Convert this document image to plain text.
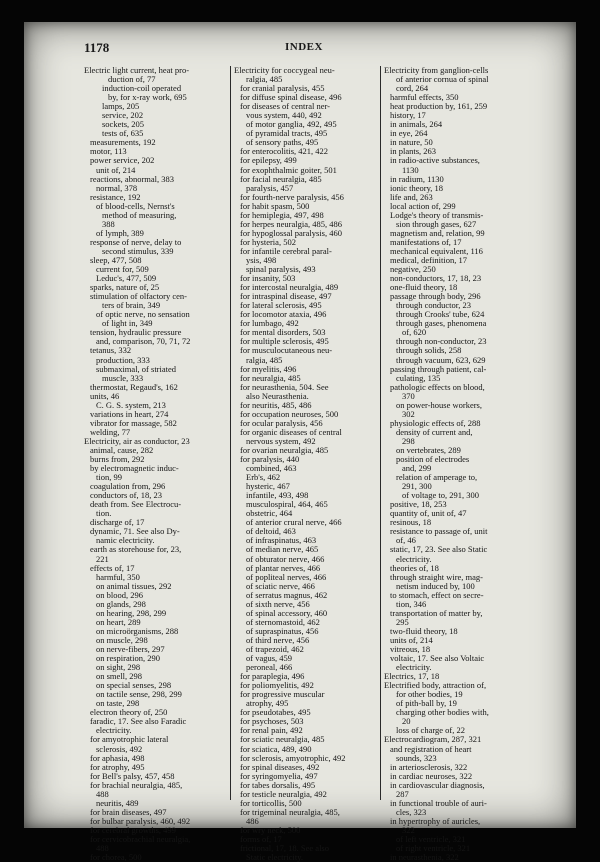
1178	INDEX
Electric light current, heat pro-
duction of, 77
induction-coil operated
by, for x-ray work, 695
lamps, 205
service, 202
sockets, 205
tests of, 635
measurements, 192
motor, 113
power service, 202
unit of, 214
reactions, abnormal, 383
normal, 378
resistance, 192
of blood-cells, Nernst's
method of measuring,
388
of lymph, 389
response of nerve, delay to
second stimulus, 339
sleep, 477, 508
current for, 509
Leduc's, 477, 509
sparks, nature of, 25
stimulation of olfactory cen-
ters of brain, 349
of optic nerve, no sensation
of light in, 349
tension, hydraulic pressure
and, comparison, 70, 71, 72
tetanus, 332
production, 333
submaximal, of striated
muscle, 333
thermostat, Regaud's, 162
units, 46
C. G. S. system, 213
variations in heart, 274
vibrator for massage, 582
welding, 77
Electricity, air as conductor, 23
animal, cause, 282
burns from, 292
by electromagnetic induc-
tion, 99
coagulation from, 296
conductors of, 18, 23
death from. See Electrocu-
tion.
discharge of, 17
dynamic, 71. See also Dy-
namic electricity.
earth as storehouse for, 23,
221
effects of, 17
harmful, 350
on animal tissues, 292
on blood, 296
on glands, 298
on hearing, 298, 299
on heart, 289
on microörganisms, 288
on muscle, 298
on nerve-fibers, 297
on respiration, 290
on sight, 298
on smell, 298
on special senses, 298
on tactile sense, 298, 299
on taste, 298
electron theory of, 250
faradic, 17. See also Faradic
electricity.
for amyotrophic lateral
sclerosis, 492
for aphasia, 498
for atrophy, 495
for Bell's palsy, 457, 458
for brachial neuralgia, 485,
488
neuritis, 489
for brain diseases, 497
for bulbar paralysis, 460, 492
for cerebral growths, 499
for cervicobrachial neuralgia,
488
for chorea, 500
Electricity for coccygeal neu-
ralgia, 485
for cranial paralysis, 455
for diffuse spinal disease, 496
for diseases of central ner-
vous system, 440, 492
of motor ganglia, 492, 495
of pyramidal tracts, 495
of sensory paths, 495
for enterocolitis, 421, 422
for epilepsy, 499
for exophthalmic goiter, 501
for facial neuralgia, 485
paralysis, 457
for fourth-nerve paralysis, 456
for habit spasm, 500
for hemiplegia, 497, 498
for herpes neuralgia, 485, 486
for hypoglossal paralysis, 460
for hysteria, 502
for infantile cerebral paral-
ysis, 498
spinal paralysis, 493
for insanity, 503
for intercostal neuralgia, 489
for intraspinal disease, 497
for lateral sclerosis, 495
for locomotor ataxia, 496
for lumbago, 492
for mental disorders, 503
for multiple sclerosis, 495
for musculocutaneous neu-
ralgia, 485
for myelitis, 496
for neuralgia, 485
for neurasthenia, 504. See
also Neurasthenia.
for neuritis, 485, 486
for occupation neuroses, 500
for ocular paralysis, 456
for organic diseases of central
nervous system, 492
for ovarian neuralgia, 485
for paralysis, 440
combined, 463
Erb's, 462
hysteric, 467
infantile, 493, 498
musculospiral, 464, 465
obstetric, 464
of anterior crural nerve, 466
of deltoid, 463
of infraspinatus, 463
of median nerve, 465
of obturator nerve, 466
of plantar nerves, 466
of popliteal nerves, 466
of sciatic nerve, 466
of serratus magnus, 462
of sixth nerve, 456
of spinal accessory, 460
of sternomastoid, 462
of supraspinatus, 456
of third nerve, 456
of trapezoid, 462
of vagus, 459
peroneal, 466
for paraplegia, 496
for poliomyelitis, 492
for progressive muscular
atrophy, 495
for pseudotabes, 495
for psychoses, 503
for renal pain, 492
for sciatic neuralgia, 485
for sciatica, 489, 490
for sclerosis, amyotrophic, 492
for spinal diseases, 492
for syringomyelia, 497
for tabes dorsalis, 495
for testicle neuralgia, 492
for torticollis, 500
for trigeminal neuralgia, 485,
486
for wry neck, 500
forms of, 17
frictional, 17, 18. See also
Static electricity.
Electricity from ganglion-cells
of anterior cornua of spinal
cord, 264
harmful effects, 350
heat production by, 161, 259
history, 17
in animals, 264
in eye, 264
in nature, 50
in plants, 263
in radio-active substances,
1130
in radium, 1130
ionic theory, 18
life and, 263
local action of, 299
Lodge's theory of transmis-
sion through gases, 627
magnetism and, relation, 99
manifestations of, 17
mechanical equivalent, 116
medical, definition, 17
negative, 250
non-conductors, 17, 18, 23
one-fluid theory, 18
passage through body, 296
through conductor, 23
through Crooks' tube, 624
through gases, phenomena
of, 620
through non-conductor, 23
through solids, 258
through vacuum, 623, 629
passing through patient, cal-
culating, 135
pathologic effects on blood,
370
on power-house workers,
302
physiologic effects of, 288
density of current and,
298
on vertebrates, 289
position of electrodes
and, 299
relation of amperage to,
291, 300
of voltage to, 291, 300
positive, 18, 253
quantity of, unit of, 47
resinous, 18
resistance to passage of, unit
of, 46
static, 17, 23. See also Static
electricity.
theories of, 18
through straight wire, mag-
netism induced by, 100
to stomach, effect on secre-
tion, 346
transportation of matter by,
295
two-fluid theory, 18
units of, 214
vitreous, 18
voltaic, 17. See also Voltaic
electricity.
Electrics, 17, 18
Electrified body, attraction of,
for other bodies, 19
of pith-ball by, 19
charging other bodies with,
20
loss of charge of, 22
Electrocardiogram, 287, 321
and registration of heart
sounds, 323
in arteriosclerosis, 322
in cardiac neuroses, 322
in cardiovascular diagnosis,
287
in functional trouble of auri-
cles, 323
in hypertrophy of auricles,
322
of left ventricle, 321
of right ventricle, 321
in neurasthenia, 322
